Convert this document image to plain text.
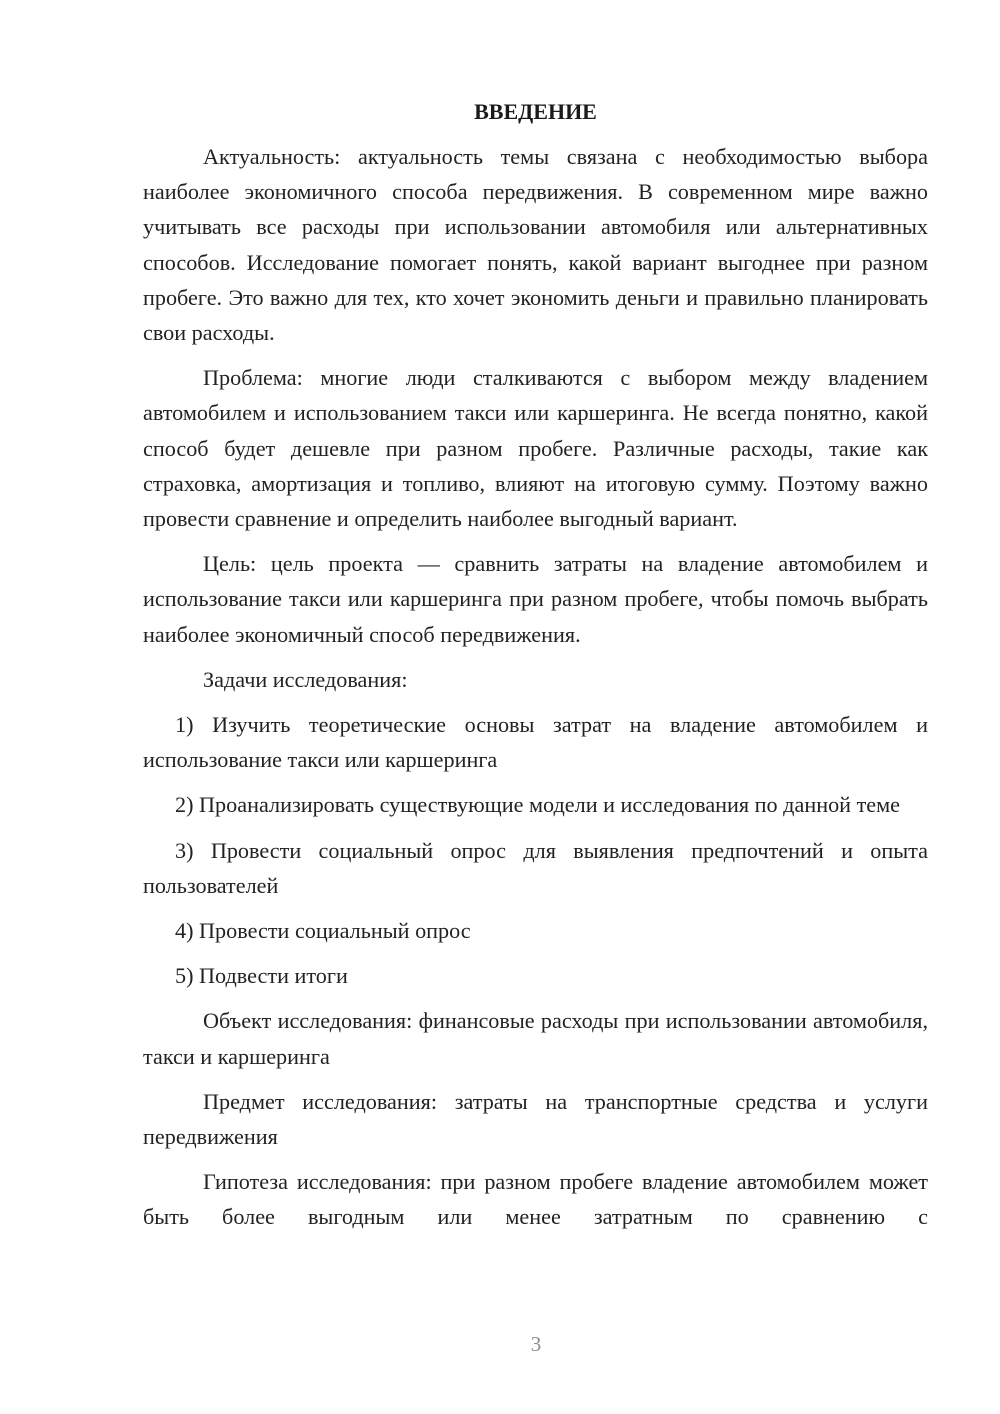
ВВЕДЕНИЕ

Актуальность: актуальность темы связана с необходимостью выбора наиболее экономичного способа передвижения. В современном мире важно учитывать все расходы при использовании автомобиля или альтернативных способов. Исследование помогает понять, какой вариант выгоднее при разном пробеге. Это важно для тех, кто хочет экономить деньги и правильно планировать свои расходы.

Проблема: многие люди сталкиваются с выбором между владением автомобилем и использованием такси или каршеринга. Не всегда понятно, какой способ будет дешевле при разном пробеге. Различные расходы, такие как страховка, амортизация и топливо, влияют на итоговую сумму. Поэтому важно провести сравнение и определить наиболее выгодный вариант.

Цель: цель проекта — сравнить затраты на владение автомобилем и использование такси или каршеринга при разном пробеге, чтобы помочь выбрать наиболее экономичный способ передвижения.

Задачи исследования:

1) Изучить теоретические основы затрат на владение автомобилем и использование такси или каршеринга

2) Проанализировать существующие модели и исследования по данной теме

3) Провести социальный опрос для выявления предпочтений и опыта пользователей

4) Провести социальный опрос

5) Подвести итоги

Объект исследования: финансовые расходы при использовании автомобиля, такси и каршеринга

Предмет исследования: затраты на транспортные средства и услуги передвижения

Гипотеза исследования: при разном пробеге владение автомобилем может быть более выгодным или менее затратным по сравнению с

3
